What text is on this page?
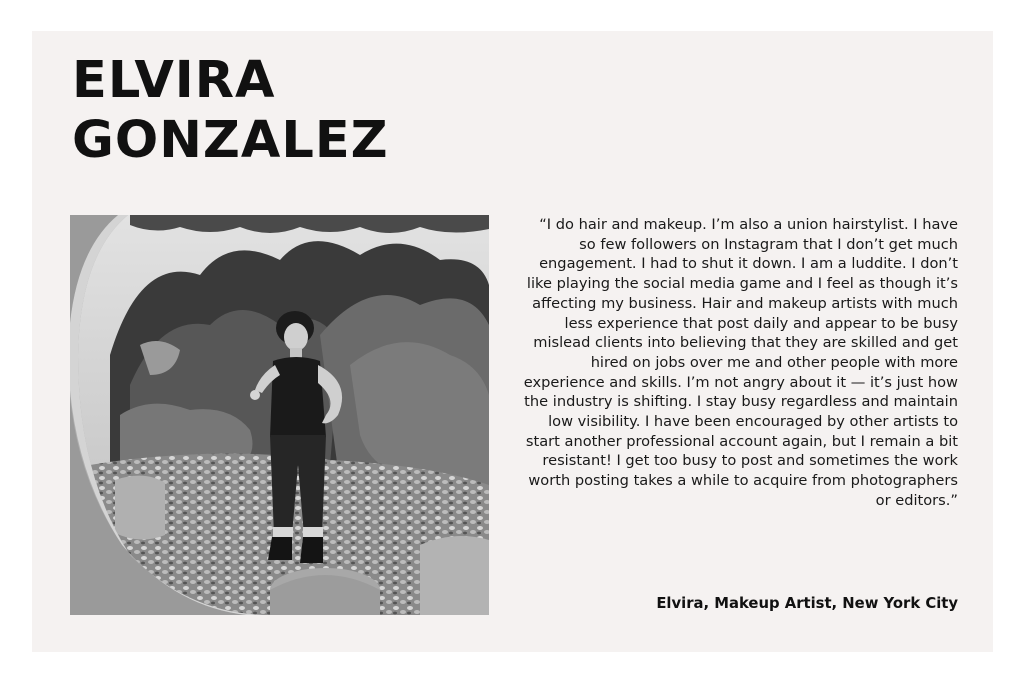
ELVIRA
GONZALEZ

“I do hair and makeup. I’m also a union hairstylist. I have so few followers on Instagram that I don’t get much engagement. I had to shut it down. I am a luddite. I don’t like playing the social media game and I feel as though it’s affecting my business. Hair and makeup artists with much less experience that post daily and appear to be busy mislead clients into believing that they are skilled and get hired on jobs over me and other people with more experience and skills. I’m not angry about it — it’s just how the industry is shifting. I stay busy regardless and maintain low visibility. I have been encouraged by other artists to start another professional account again, but I remain a bit resistant! I get too busy to post and sometimes the work worth posting takes a while to acquire from photographers or editors.”

Elvira, Makeup Artist, New York City
